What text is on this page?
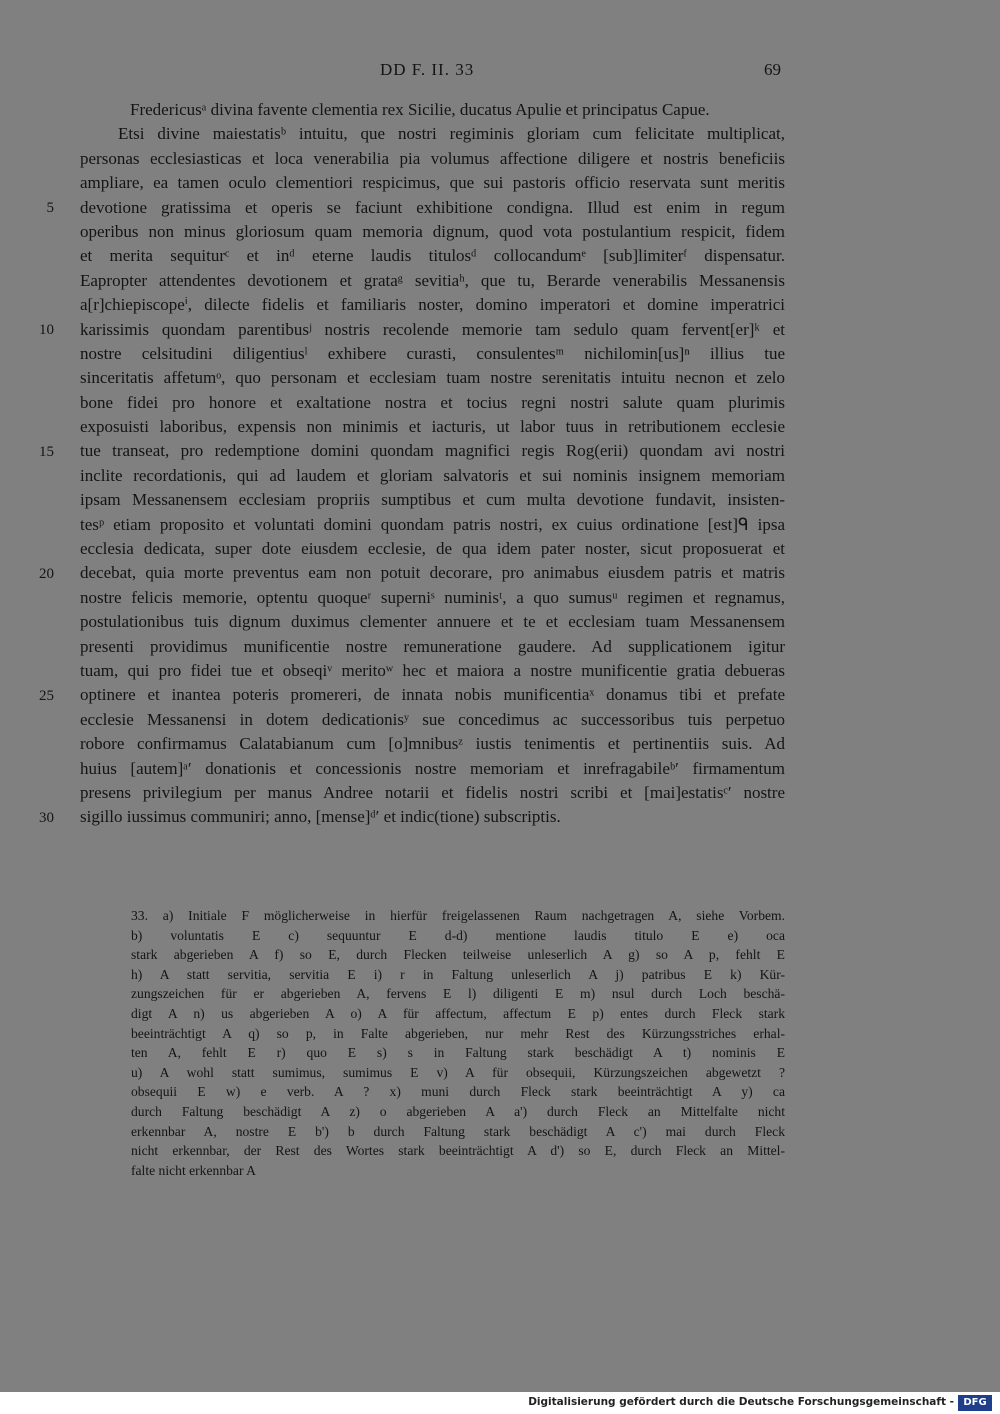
DD F. II. 33	69
5
10
15
20
25
30
Fredericusᵃ divina favente clementia rex Sicilie, ducatus Apulie et principatus Capue.
Etsi divine maiestatisᵇ intuitu, que nostri regiminis gloriam cum felicitate multiplicat,
personas ecclesiasticas et loca venerabilia pia volumus affectione diligere et nostris beneficiis
ampliare, ea tamen oculo clementiori respicimus, que sui pastoris officio reservata sunt meritis
devotione gratissima et operis se faciunt exhibitione condigna. Illud est enim in regum
operibus non minus gloriosum quam memoria dignum, quod vota postulantium respicit, fidem
et merita sequiturᶜ et inᵈ eterne laudis titulosᵈ collocandumᵉ [sub]limiterᶠ dispensatur.
Eapropter attendentes devotionem et grataᵍ sevitiaʰ, que tu, Berarde venerabilis Messanensis
a[r]chiepiscopeⁱ, dilecte fidelis et familiaris noster, domino imperatori et domine imperatrici
karissimis quondam parentibusʲ nostris recolende memorie tam sedulo quam fervent[er]ᵏ et
nostre celsitudini diligentiusˡ exhibere curasti, consulentesᵐ nichilomin[us]ⁿ illius tue
sinceritatis affetumᵒ, quo personam et ecclesiam tuam nostre serenitatis intuitu necnon et zelo
bone fidei pro honore et exaltatione nostra et tocius regni nostri salute quam plurimis
exposuisti laboribus, expensis non minimis et iacturis, ut labor tuus in retributionem ecclesie
tue transeat, pro redemptione domini quondam magnifici regis Rog(erii) quondam avi nostri
inclite recordationis, qui ad laudem et gloriam salvatoris et sui nominis insignem memoriam
ipsam Messanensem ecclesiam propriis sumptibus et cum multa devotione fundavit, insisten-
tesᵖ etiam proposito et voluntati domini quondam patris nostri, ex cuius ordinatione [est]ᑫ ipsa
ecclesia dedicata, super dote eiusdem ecclesie, de qua idem pater noster, sicut proposuerat et
decebat, quia morte preventus eam non potuit decorare, pro animabus eiusdem patris et matris
nostre felicis memorie, optentu quoqueʳ superniˢ numinisᵗ, a quo sumusᵘ regimen et regnamus,
postulationibus tuis dignum duximus clementer annuere et te et ecclesiam tuam Messanensem
presenti providimus munificentie nostre remuneratione gaudere. Ad supplicationem igitur
tuam, qui pro fidei tue et obseqiᵛ meritoʷ hec et maiora a nostre munificentie gratia debueras
optinere et inantea poteris promereri, de innata nobis munificentiaˣ donamus tibi et prefate
ecclesie Messanensi in dotem dedicationisʸ sue concedimus ac successoribus tuis perpetuo
robore confirmamus Calatabianum cum [o]mnibusᶻ iustis tenimentis et pertinentiis suis. Ad
huius [autem]ᵃ′ donationis et concessionis nostre memoriam et inrefragabileᵇ′ firmamentum
presens privilegium per manus Andree notarii et fidelis nostri scribi et [mai]estatisᶜ′ nostre
sigillo iussimus communiri; anno, [mense]ᵈ′ et indic(tione) subscriptis.
33. a) Initiale F möglicherweise in hierfür freigelassenen Raum nachgetragen A, siehe Vorbem.
b) voluntatis E c) sequuntur E d-d) mentione laudis titulo E e) oca
stark abgerieben A f) so E, durch Flecken teilweise unleserlich A g) so A p, fehlt E
h) A statt servitia, servitia E i) r in Faltung unleserlich A j) patribus E k) Kür-
zungszeichen für er abgerieben A, fervens E l) diligenti E m) nsul durch Loch beschä-
digt A n) us abgerieben A o) A für affectum, affectum E p) entes durch Fleck stark
beeinträchtigt A q) so p, in Falte abgerieben, nur mehr Rest des Kürzungsstriches erhal-
ten A, fehlt E r) quo E s) s in Faltung stark beschädigt A t) nominis E
u) A wohl statt sumimus, sumimus E v) A für obsequii, Kürzungszeichen abgewetzt ?
obsequii E w) e verb. A ? x) muni durch Fleck stark beeinträchtigt A y) ca
durch Faltung beschädigt A z) o abgerieben A a') durch Fleck an Mittelfalte nicht
erkennbar A, nostre E b') b durch Faltung stark beschädigt A c') mai durch Fleck
nicht erkennbar, der Rest des Wortes stark beeinträchtigt A d') so E, durch Fleck an Mittel-
falte nicht erkennbar A
Digitalisierung gefördert durch die Deutsche Forschungsgemeinschaft - DFG
